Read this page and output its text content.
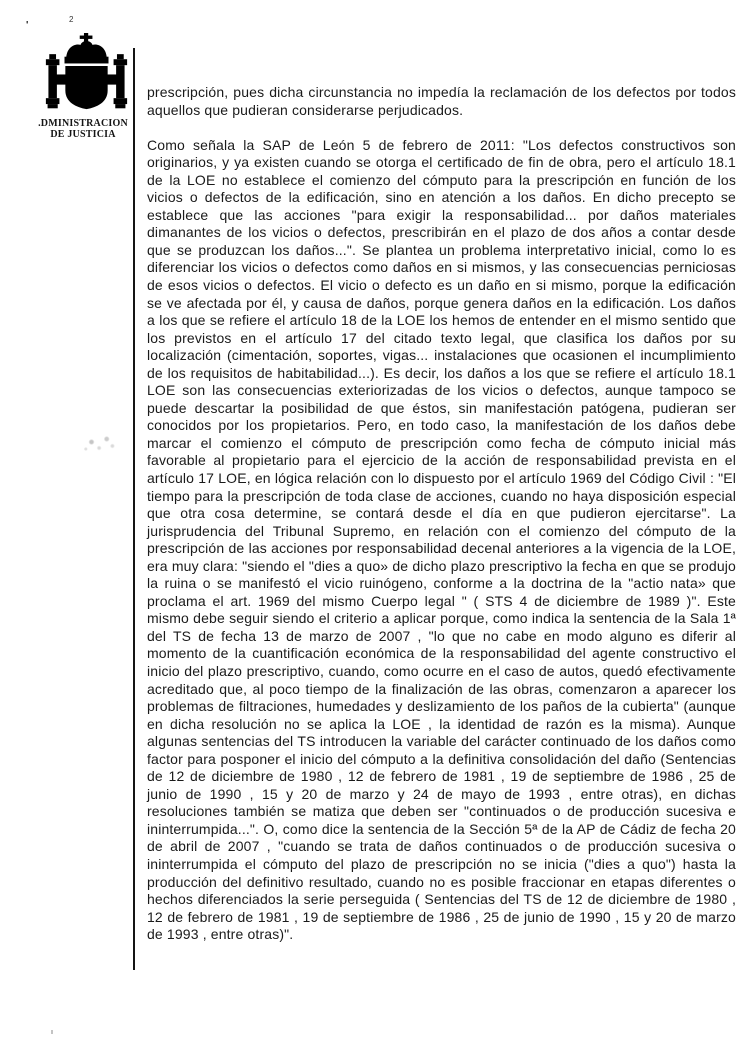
'
2
.DMINISTRACION
DE JUSTICIA

prescripción, pues dicha circunstancia no impedía la reclamación de los defectos por todos aquellos que pudieran considerarse perjudicados.

Como señala la SAP de León 5 de febrero de 2011: "Los defectos constructivos son originarios, y ya existen cuando se otorga el certificado de fin de obra, pero el artículo 18.1 de la LOE no establece el comienzo del cómputo para la prescripción en función de los vicios o defectos de la edificación, sino en atención a los daños. En dicho precepto se establece que las acciones "para exigir la responsabilidad... por daños materiales dimanantes de los vicios o defectos, prescribirán en el plazo de dos años a contar desde que se produzcan los daños...". Se plantea un problema interpretativo inicial, como lo es diferenciar los vicios o defectos como daños en si mismos, y las consecuencias perniciosas de esos vicios o defectos. El vicio o defecto es un daño en si mismo, porque la edificación se ve afectada por él, y causa de daños, porque genera daños en la edificación. Los daños a los que se refiere el artículo 18 de la LOE los hemos de entender en el mismo sentido que los previstos en el artículo 17 del citado texto legal, que clasifica los daños por su localización (cimentación, soportes, vigas... instalaciones que ocasionen el incumplimiento de los requisitos de habitabilidad...). Es decir, los daños a los que se refiere el artículo 18.1 LOE son las consecuencias exteriorizadas de los vicios o defectos, aunque tampoco se puede descartar la posibilidad de que éstos, sin manifestación patógena, pudieran ser conocidos por los propietarios. Pero, en todo caso, la manifestación de los daños debe marcar el comienzo el cómputo de prescripción como fecha de cómputo inicial más favorable al propietario para el ejercicio de la acción de responsabilidad prevista en el artículo 17 LOE, en lógica relación con lo dispuesto por el artículo 1969 del Código Civil : "El tiempo para la prescripción de toda clase de acciones, cuando no haya disposición especial que otra cosa determine, se contará desde el día en que pudieron ejercitarse". La jurisprudencia del Tribunal Supremo, en relación con el comienzo del cómputo de la prescripción de las acciones por responsabilidad decenal anteriores a la vigencia de la LOE, era muy clara: "siendo el "dies a quo» de dicho plazo prescriptivo la fecha en que se produjo la ruina o se manifestó el vicio ruinógeno, conforme a la doctrina de la "actio nata» que proclama el art. 1969 del mismo Cuerpo legal " ( STS 4 de diciembre de 1989 )". Este mismo debe seguir siendo el criterio a aplicar porque, como indica la sentencia de la Sala 1ª del TS de fecha 13 de marzo de 2007 , "lo que no cabe en modo alguno es diferir al momento de la cuantificación económica de la responsabilidad del agente constructivo el inicio del plazo prescriptivo, cuando, como ocurre en el caso de autos, quedó efectivamente acreditado que, al poco tiempo de la finalización de las obras, comenzaron a aparecer los problemas de filtraciones, humedades y deslizamiento de los paños de la cubierta" (aunque en dicha resolución no se aplica la LOE , la identidad de razón es la misma). Aunque algunas sentencias del TS introducen la variable del carácter continuado de los daños como factor para posponer el inicio del cómputo a la definitiva consolidación del daño (Sentencias de 12 de diciembre de 1980 , 12 de febrero de 1981 , 19 de septiembre de 1986 , 25 de junio de 1990 , 15 y 20 de marzo y 24 de mayo de 1993 , entre otras), en dichas resoluciones también se matiza que deben ser "continuados o de producción sucesiva e ininterrumpida...". O, como dice la sentencia de la Sección 5ª de la AP de Cádiz de fecha 20 de abril de 2007 , "cuando se trata de daños continuados o de producción sucesiva o ininterrumpida el cómputo del plazo de prescripción no se inicia ("dies a quo") hasta la producción del definitivo resultado, cuando no es posible fraccionar en etapas diferentes o hechos diferenciados la serie perseguida ( Sentencias del TS de 12 de diciembre de 1980 , 12 de febrero de 1981 , 19 de septiembre de 1986 , 25 de junio de 1990 , 15 y 20 de marzo de 1993 , entre otras)".
